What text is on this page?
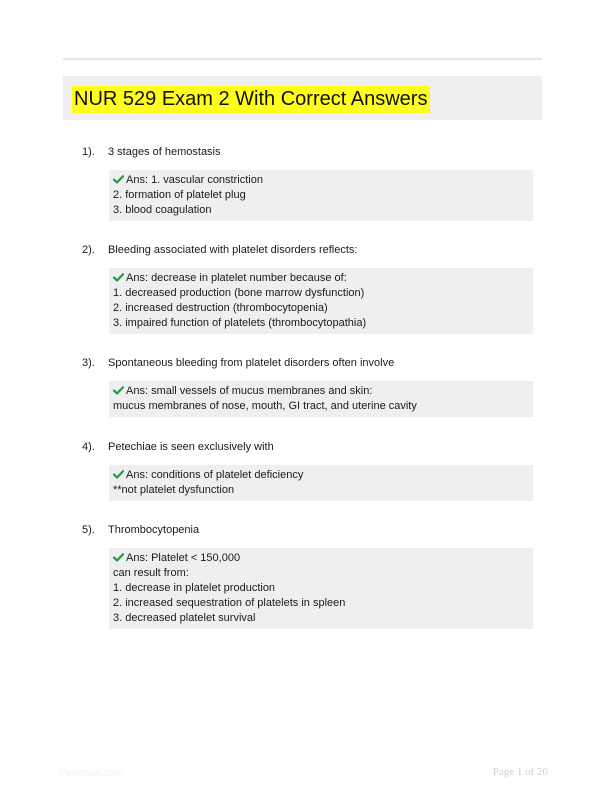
NUR 529 Exam 2 With Correct Answers
1). 3 stages of hemostasis
Ans: 1. vascular constriction
2. formation of platelet plug
3. blood coagulation
2). Bleeding associated with platelet disorders reflects:
Ans: decrease in platelet number because of:
1. decreased production (bone marrow dysfunction)
2. increased destruction (thrombocytopenia)
3. impaired function of platelets (thrombocytopathia)
3). Spontaneous bleeding from platelet disorders often involve
Ans: small vessels of mucus membranes and skin:
mucus membranes of nose, mouth, GI tract, and uterine cavity
4). Petechiae is seen exclusively with
Ans: conditions of platelet deficiency
**not platelet dysfunction
5). Thrombocytopenia
Ans: Platelet < 150,000
can result from:
1. decrease in platelet production
2. increased sequestration of platelets in spleen
3. decreased platelet survival
Papertlite.com	Page 1 of 20
